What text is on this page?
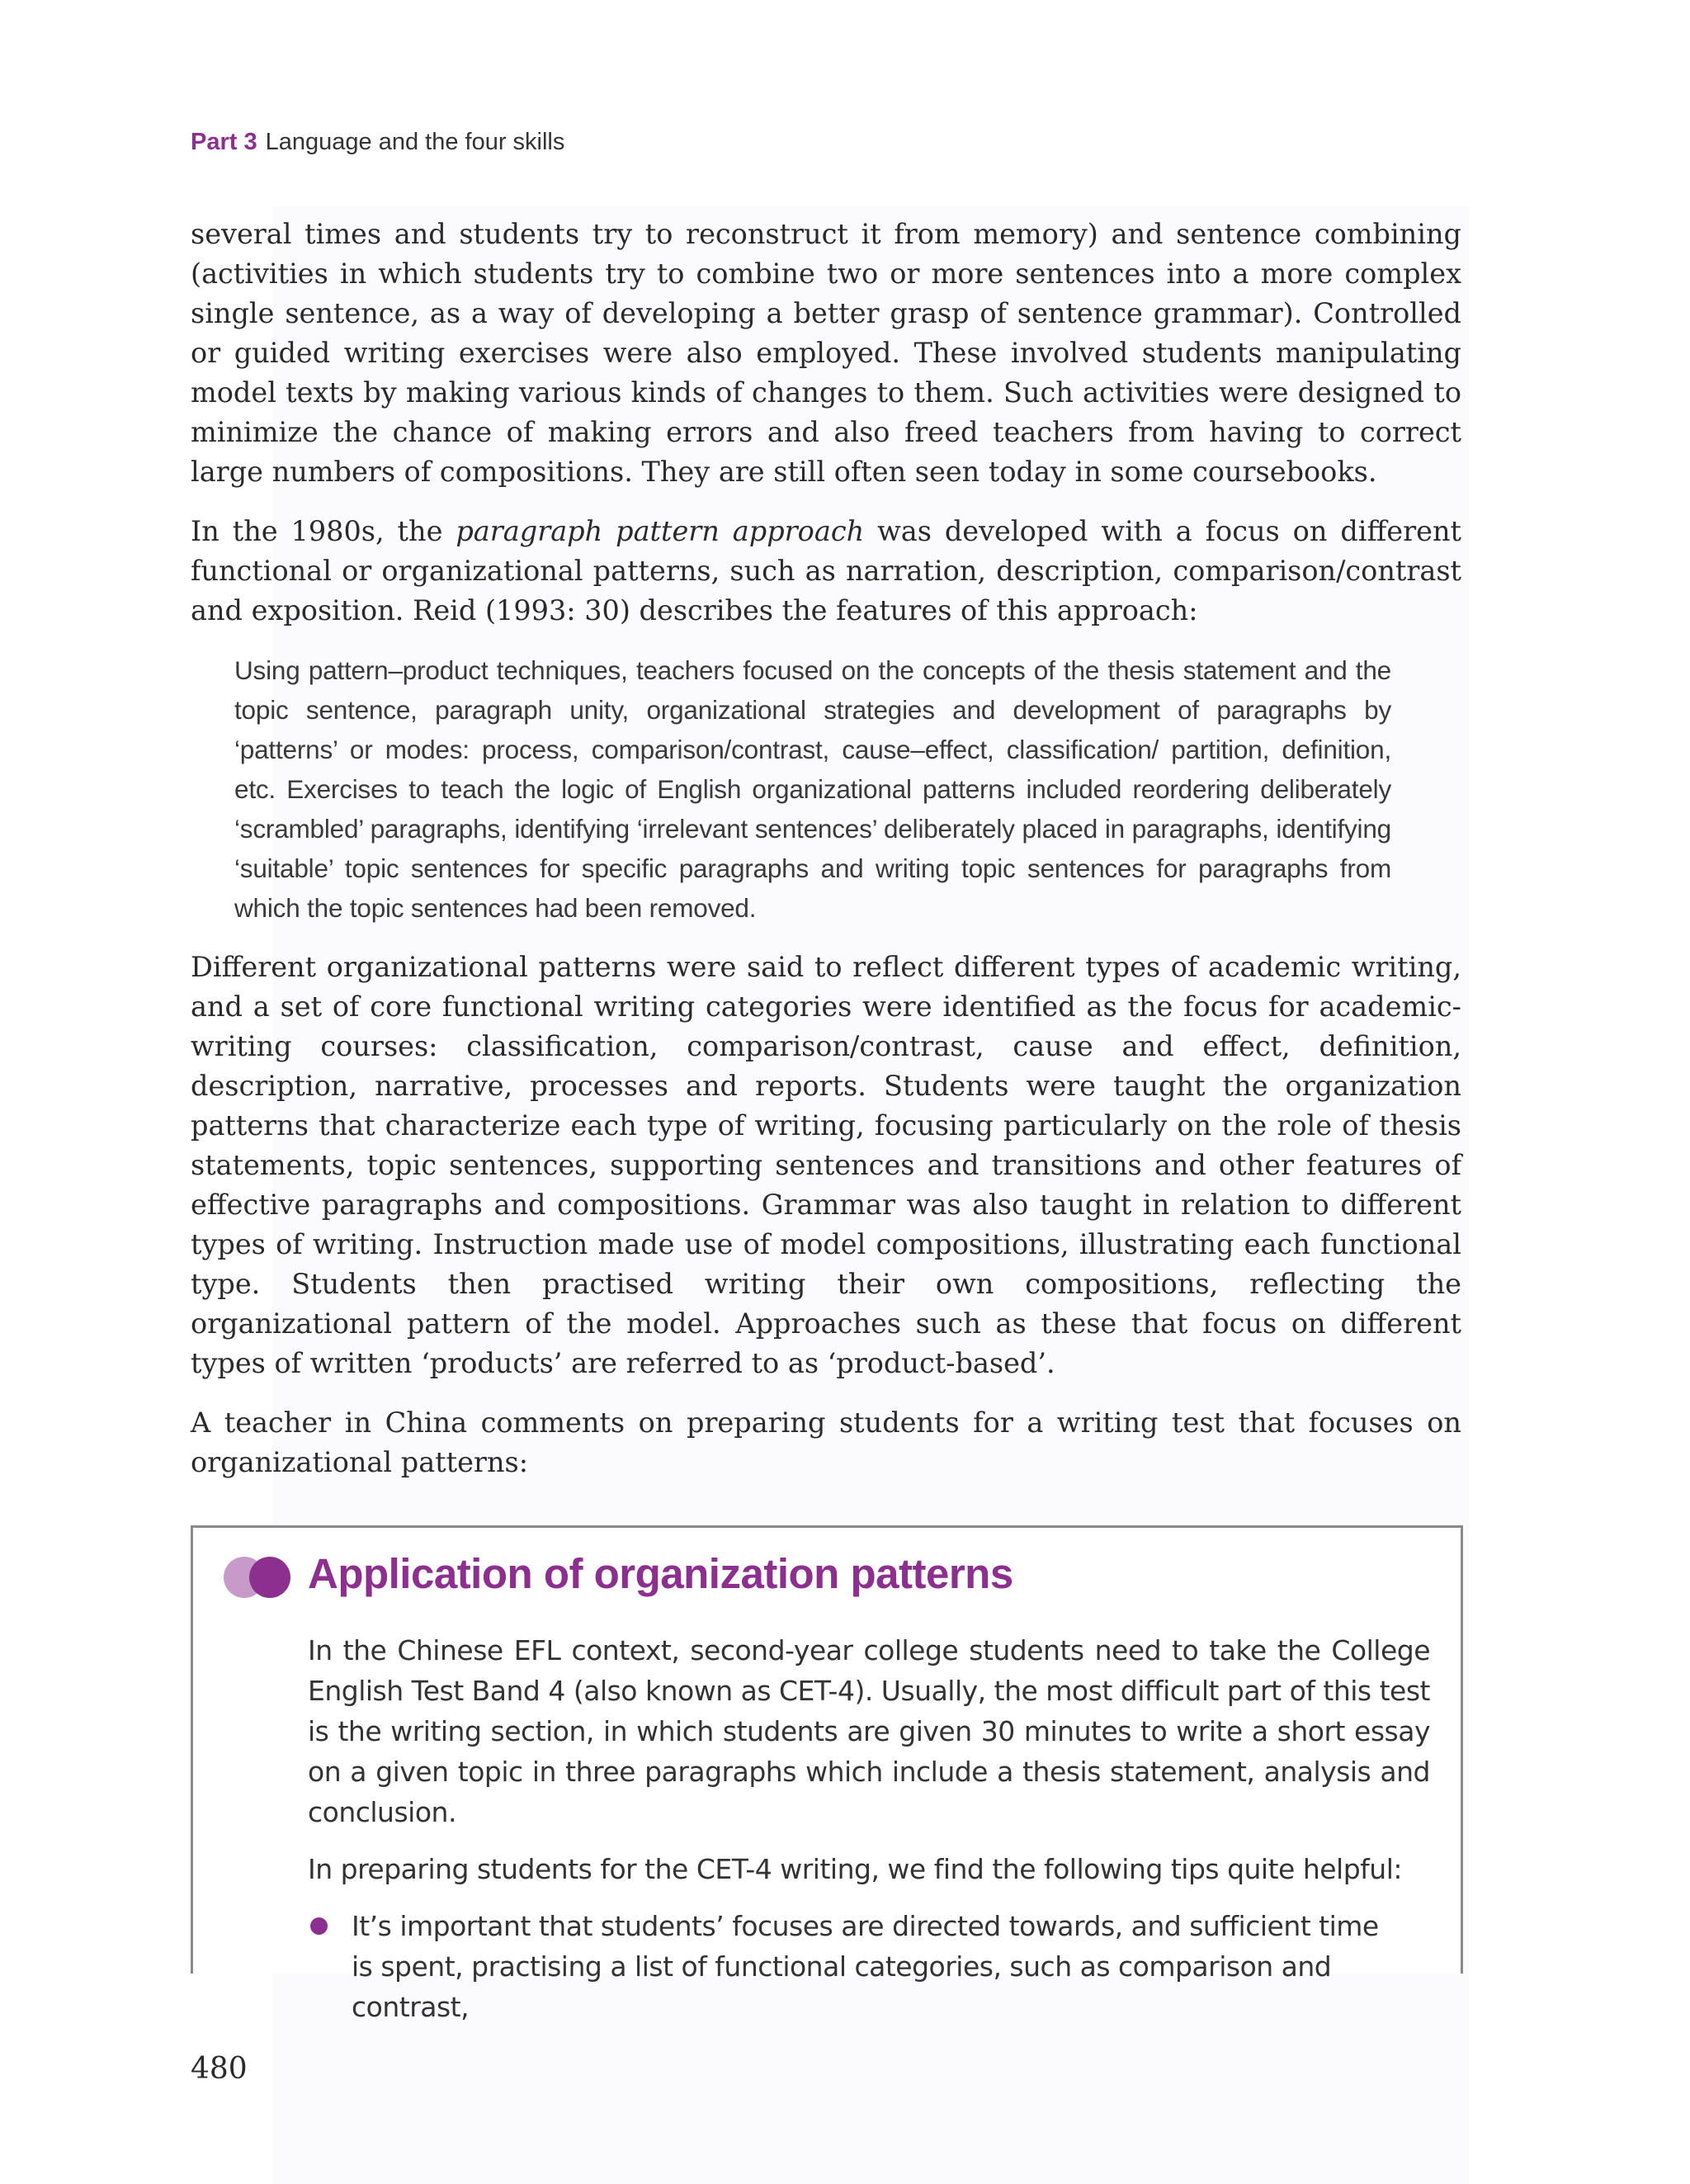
Part 3 Language and the four skills

several times and students try to reconstruct it from memory) and sentence combining (activities in which students try to combine two or more sentences into a more complex single sentence, as a way of developing a better grasp of sentence grammar). Controlled or guided writing exercises were also employed. These involved students manipulating model texts by making various kinds of changes to them. Such activities were designed to minimize the chance of making errors and also freed teachers from having to correct large numbers of compositions. They are still often seen today in some coursebooks.

In the 1980s, the paragraph pattern approach was developed with a focus on different functional or organizational patterns, such as narration, description, comparison/contrast and exposition. Reid (1993: 30) describes the features of this approach:

Using pattern–product techniques, teachers focused on the concepts of the thesis statement and the topic sentence, paragraph unity, organizational strategies and development of paragraphs by ‘patterns’ or modes: process, comparison/contrast, cause–effect, classification/ partition, definition, etc. Exercises to teach the logic of English organizational patterns included reordering deliberately ‘scrambled’ paragraphs, identifying ‘irrelevant sentences’ deliberately placed in paragraphs, identifying ‘suitable’ topic sentences for specific paragraphs and writing topic sentences for paragraphs from which the topic sentences had been removed.

Different organizational patterns were said to reflect different types of academic writing, and a set of core functional writing categories were identified as the focus for academic-writing courses: classification, comparison/contrast, cause and effect, definition, description, narrative, processes and reports. Students were taught the organization patterns that characterize each type of writing, focusing particularly on the role of thesis statements, topic sentences, supporting sentences and transitions and other features of effective paragraphs and compositions. Grammar was also taught in relation to different types of writing. Instruction made use of model compositions, illustrating each functional type. Students then practised writing their own compositions, reflecting the organizational pattern of the model. Approaches such as these that focus on different types of written ‘products’ are referred to as ‘product-based’.

A teacher in China comments on preparing students for a writing test that focuses on organizational patterns:

Application of organization patterns

In the Chinese EFL context, second-year college students need to take the College English Test Band 4 (also known as CET-4). Usually, the most difficult part of this test is the writing section, in which students are given 30 minutes to write a short essay on a given topic in three paragraphs which include a thesis statement, analysis and conclusion.

In preparing students for the CET-4 writing, we find the following tips quite helpful:

It’s important that students’ focuses are directed towards, and sufficient time is spent, practising a list of functional categories, such as comparison and contrast,
480
